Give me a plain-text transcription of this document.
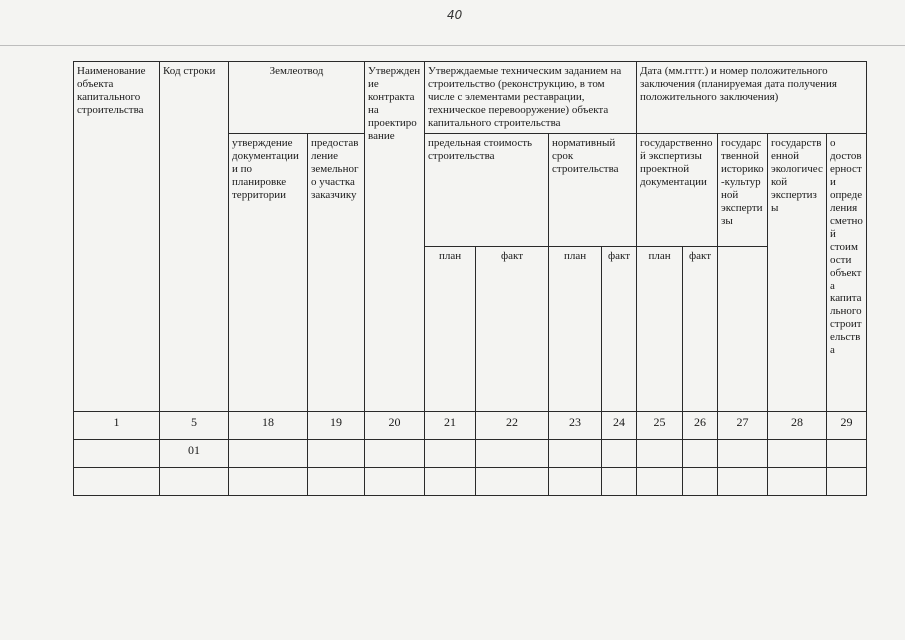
40
Наименование объекта капитального строительства	Код строки	Землеотвод		Утверждение контракта на проектирование	Утверждаемые техническим заданием на строительство (реконструкцию, в том числе с элементами реставрации, техническое перевооружение) объекта капитального строительства				Дата (мм.гггг.) и номер положительного заключения (планируемая дата получения положительного заключения)				
		утверждение документации и по планировке территории	предоставление земельного участка заказчику		предельная стоимость строительства		нормативный срок строительства		государственной экспертизы проектной документации		государственной историко-культурной экспертизы	государственной экологической экспертизы	о достоверности определения сметной стоимости объекта капитального строительства
					план	факт	план	факт	план	факт			
1	5	18	19	20	21	22	23	24	25	26	27	28	29
	01												
